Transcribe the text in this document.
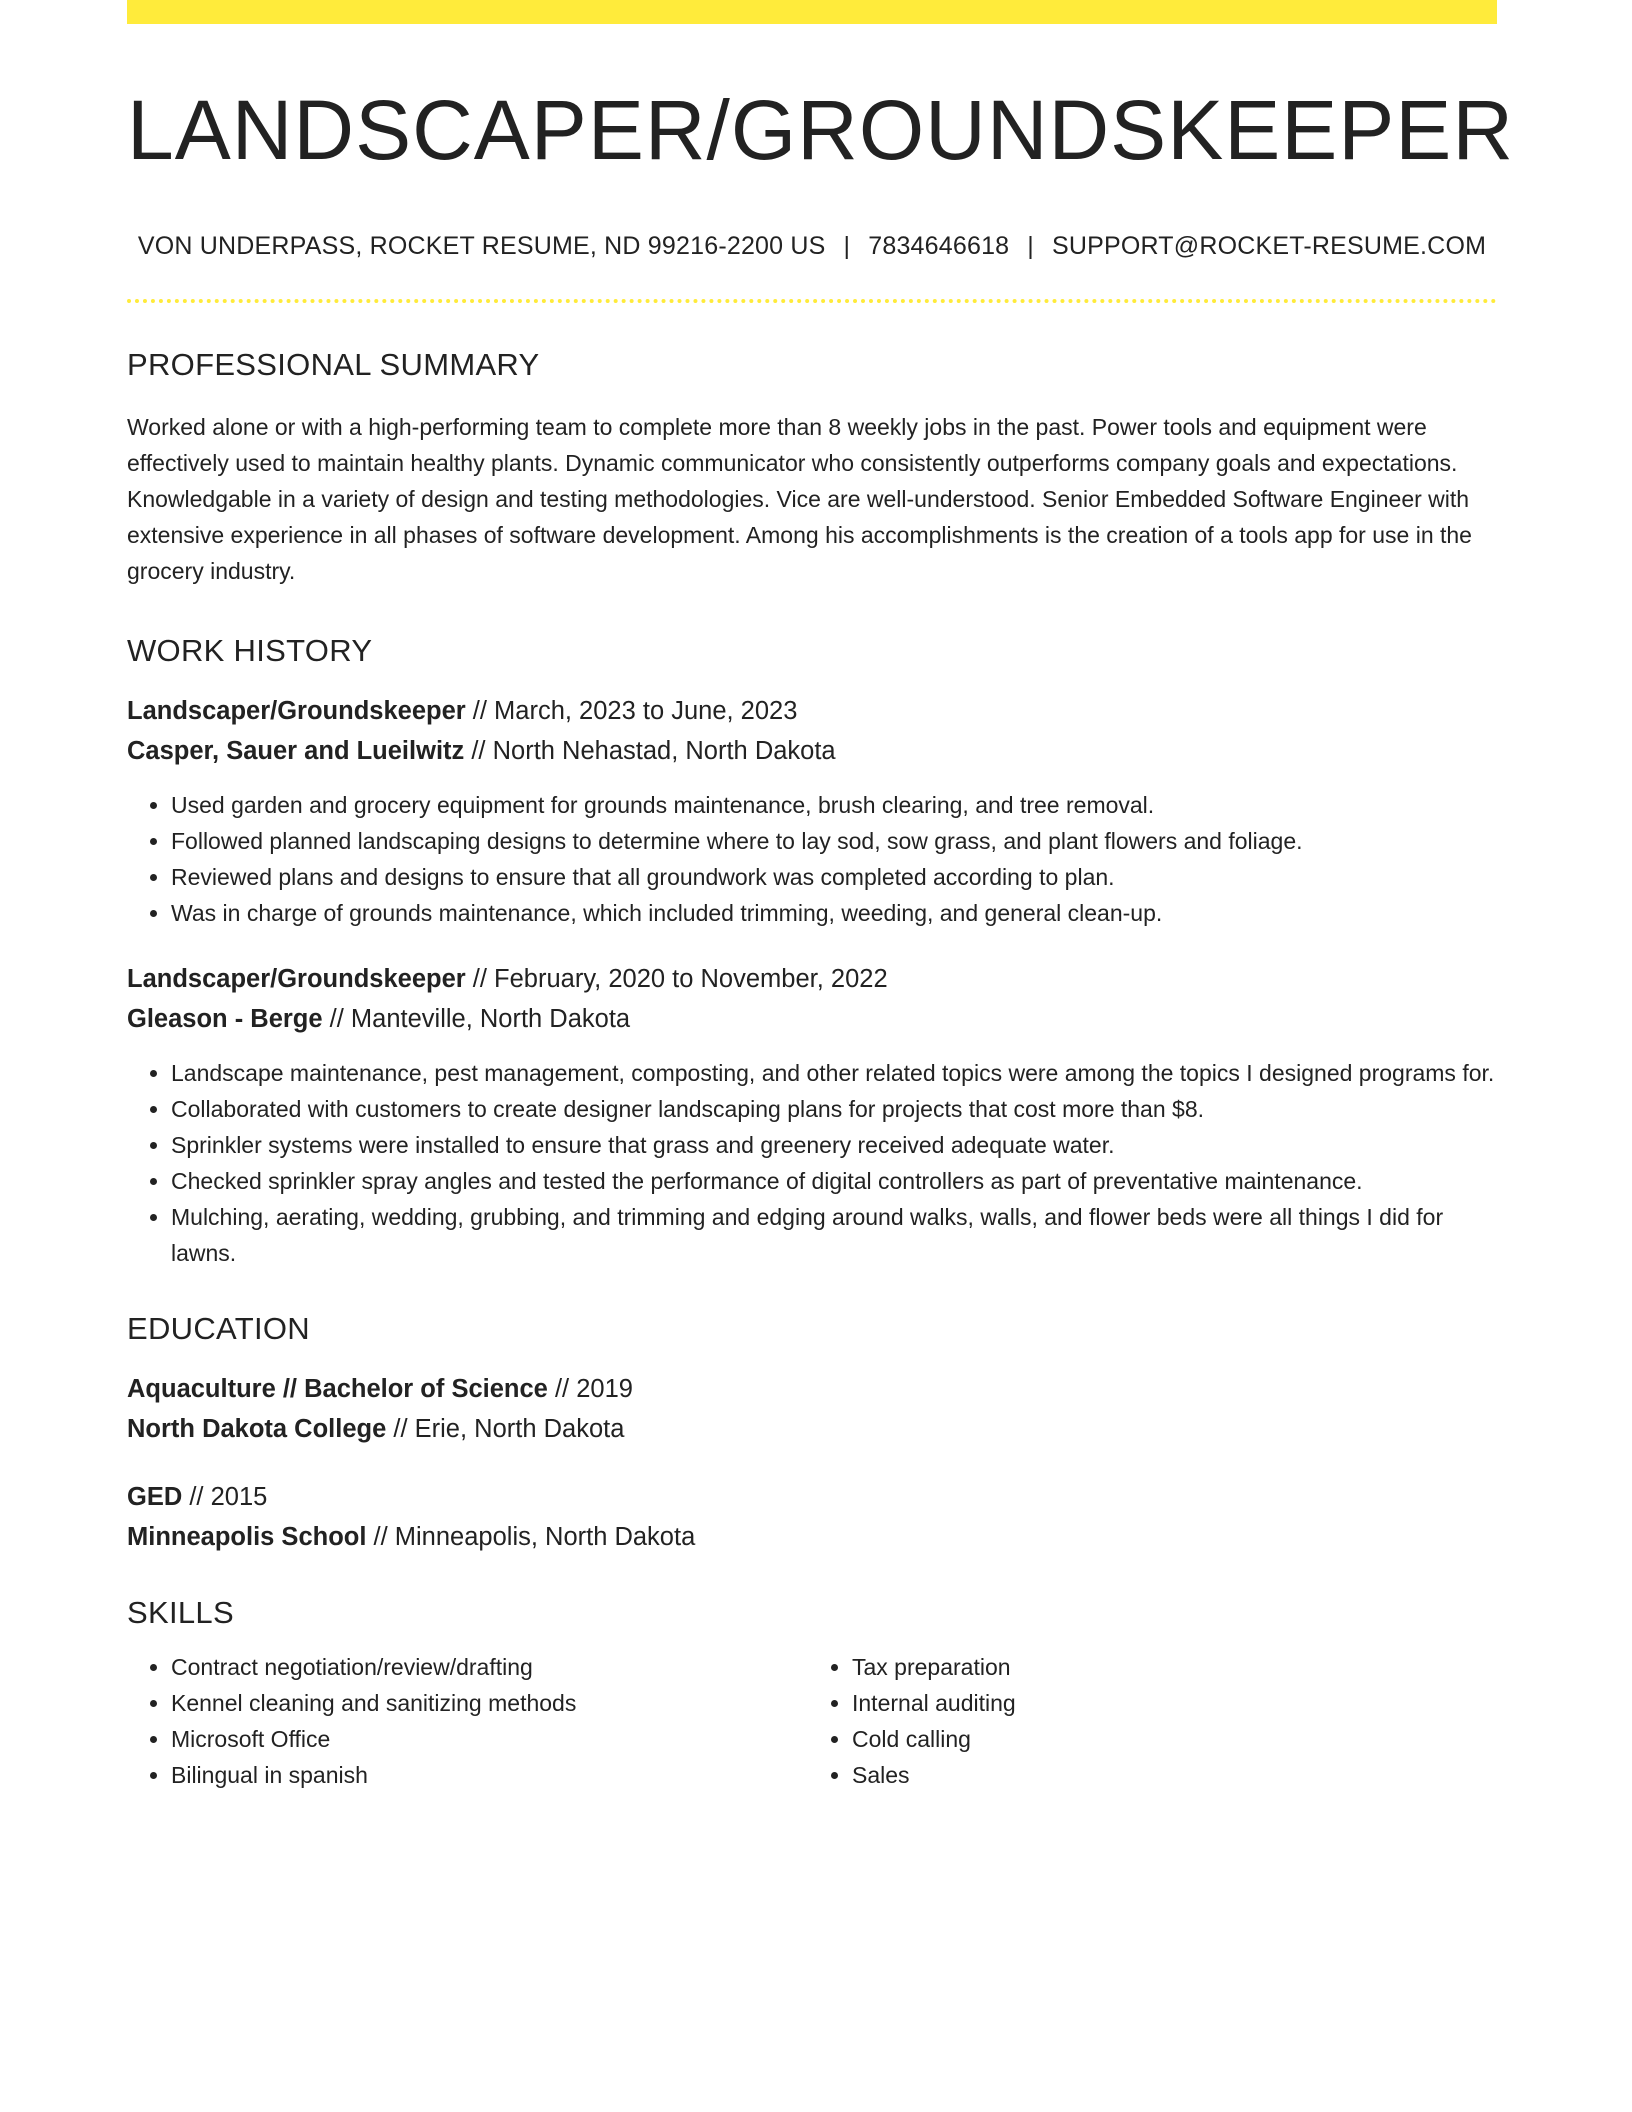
LANDSCAPER/GROUNDSKEEPER
VON UNDERPASS, ROCKET RESUME, ND 99216-2200 US | 7834646618 | SUPPORT@ROCKET-RESUME.COM
PROFESSIONAL SUMMARY
Worked alone or with a high-performing team to complete more than 8 weekly jobs in the past. Power tools and equipment were effectively used to maintain healthy plants. Dynamic communicator who consistently outperforms company goals and expectations. Knowledgable in a variety of design and testing methodologies. Vice are well-understood. Senior Embedded Software Engineer with extensive experience in all phases of software development. Among his accomplishments is the creation of a tools app for use in the grocery industry.
WORK HISTORY
Landscaper/Groundskeeper // March, 2023 to June, 2023
Casper, Sauer and Lueilwitz // North Nehastad, North Dakota
• Used garden and grocery equipment for grounds maintenance, brush clearing, and tree removal.
• Followed planned landscaping designs to determine where to lay sod, sow grass, and plant flowers and foliage.
• Reviewed plans and designs to ensure that all groundwork was completed according to plan.
• Was in charge of grounds maintenance, which included trimming, weeding, and general clean-up.
Landscaper/Groundskeeper // February, 2020 to November, 2022
Gleason - Berge // Manteville, North Dakota
• Landscape maintenance, pest management, composting, and other related topics were among the topics I designed programs for.
• Collaborated with customers to create designer landscaping plans for projects that cost more than $8.
• Sprinkler systems were installed to ensure that grass and greenery received adequate water.
• Checked sprinkler spray angles and tested the performance of digital controllers as part of preventative maintenance.
• Mulching, aerating, wedding, grubbing, and trimming and edging around walks, walls, and flower beds were all things I did for lawns.
EDUCATION
Aquaculture // Bachelor of Science // 2019
North Dakota College // Erie, North Dakota
GED // 2015
Minneapolis School // Minneapolis, North Dakota
SKILLS
• Contract negotiation/review/drafting
• Kennel cleaning and sanitizing methods
• Microsoft Office
• Bilingual in spanish
• Tax preparation
• Internal auditing
• Cold calling
• Sales
